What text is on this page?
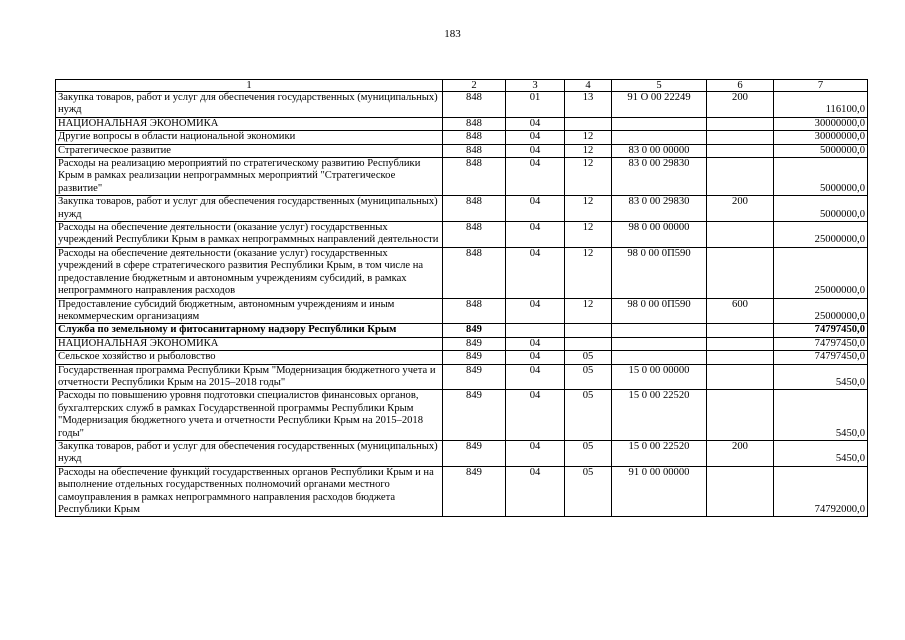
183
1	2	3	4	5	6	7
Закупка товаров, работ и услуг для обеспечения государственных (муниципальных) нужд	848	01	13	91 О 00 22249	200	116100,0
НАЦИОНАЛЬНАЯ ЭКОНОМИКА	848	04				30000000,0
Другие вопросы в области национальной экономики	848	04	12			30000000,0
Стратегическое развитие	848	04	12	83 0 00 00000		5000000,0
Расходы на реализацию мероприятий по стратегическому развитию Республики Крым в рамках реализации непрограммных мероприятий "Стратегическое развитие"	848	04	12	83 0 00 29830		5000000,0
Закупка товаров, работ и услуг для обеспечения государственных (муниципальных) нужд	848	04	12	83 0 00 29830	200	5000000,0
Расходы на обеспечение деятельности (оказание услуг) государственных учреждений Республики Крым в рамках непрограммных направлений деятельности	848	04	12	98 0 00 00000		25000000,0
Расходы на обеспечение деятельности (оказание услуг) государственных учреждений в сфере стратегического развития Республики Крым, в том числе на предоставление бюджетным и автономным учреждениям субсидий, в рамках непрограммного направления расходов	848	04	12	98 0 00 0П590		25000000,0
Предоставление субсидий бюджетным, автономным учреждениям и иным некоммерческим организациям	848	04	12	98 0 00 0П590	600	25000000,0
Служба по земельному и фитосанитарному надзору Республики Крым	849					74797450,0
НАЦИОНАЛЬНАЯ ЭКОНОМИКА	849	04				74797450,0
Сельское хозяйство и рыболовство	849	04	05			74797450,0
Государственная программа Республики Крым "Модернизация бюджетного учета и отчетности Республики Крым на 2015–2018 годы"	849	04	05	15 0 00 00000		5450,0
Расходы по повышению уровня подготовки специалистов финансовых органов, бухгалтерских служб в рамках Государственной программы Республики Крым "Модернизация бюджетного учета и отчетности Республики Крым на 2015–2018 годы"	849	04	05	15 0 00 22520		5450,0
Закупка товаров, работ и услуг для обеспечения государственных (муниципальных) нужд	849	04	05	15 0 00 22520	200	5450,0
Расходы на обеспечение функций государственных органов Республики Крым и на выполнение отдельных государственных полномочий органами местного самоуправления в рамках непрограммного направления расходов бюджета Республики Крым	849	04	05	91 0 00 00000		74792000,0
